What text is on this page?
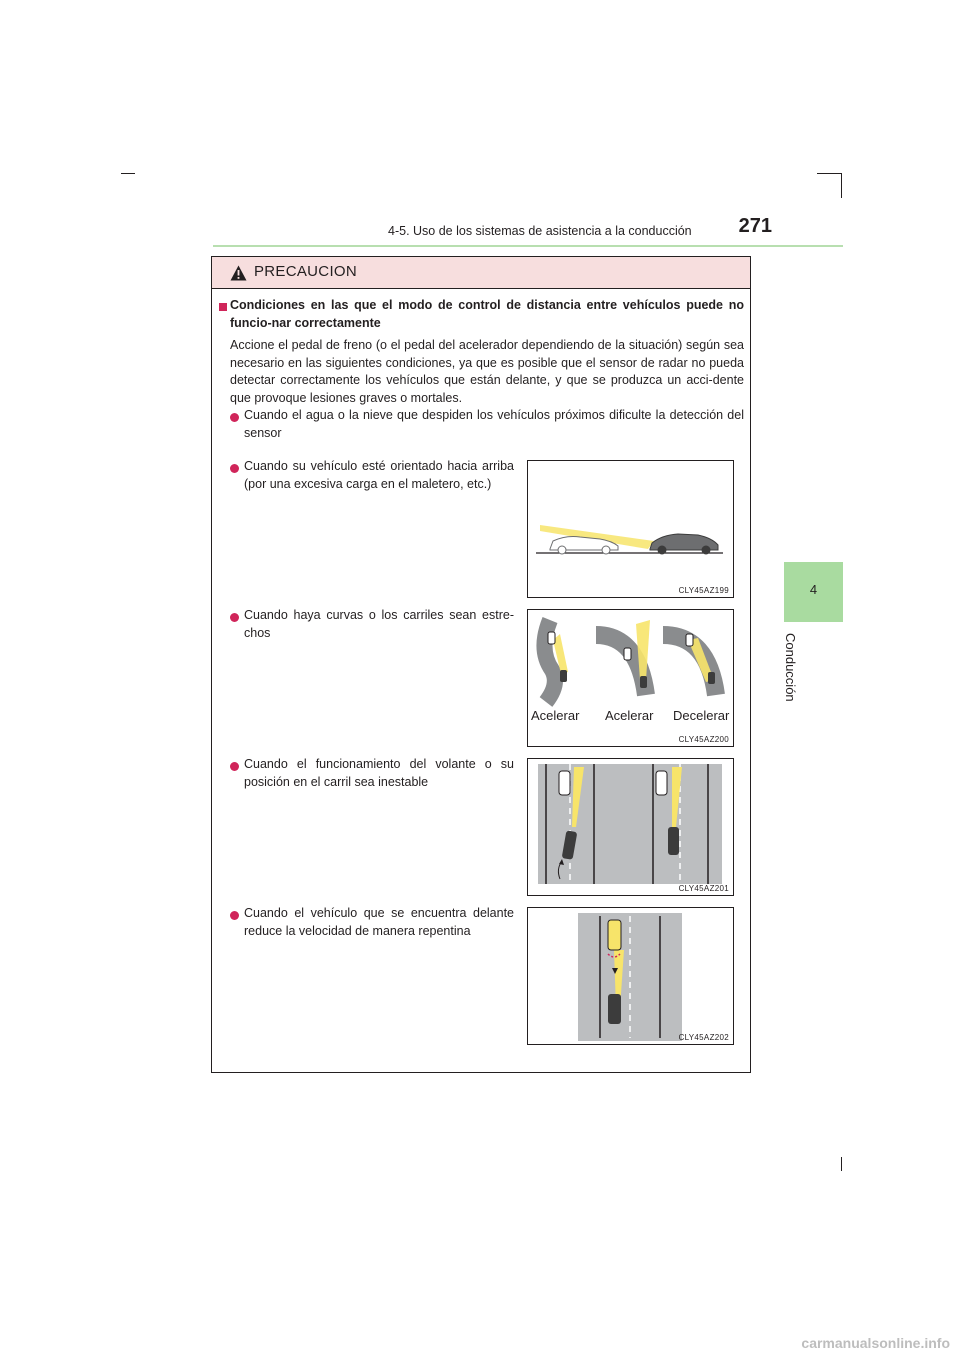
4-5. Uso de los sistemas de asistencia a la conducción 271
4
Conducción
PRECAUCION
Condiciones en las que el modo de control de distancia entre vehículos puede no funcio-nar correctamente
Accione el pedal de freno (o el pedal del acelerador dependiendo de la situación) según sea necesario en las siguientes condiciones, ya que es posible que el sensor de radar no pueda detectar correctamente los vehículos que están delante, y que se produzca un acci-dente que provoque lesiones graves o mortales.
Cuando el agua o la nieve que despiden los vehículos próximos dificulte la detección del sensor
Cuando su vehículo esté orientado hacia arriba (por una excesiva carga en el maletero, etc.)
CLY45AZ199
Cuando haya curvas o los carriles sean estre-chos
Acelerar Acelerar Decelerar
CLY45AZ200
Cuando el funcionamiento del volante o su posición en el carril sea inestable
CLY45AZ201
Cuando el vehículo que se encuentra delante reduce la velocidad de manera repentina
CLY45AZ202
carmanualsonline.info
